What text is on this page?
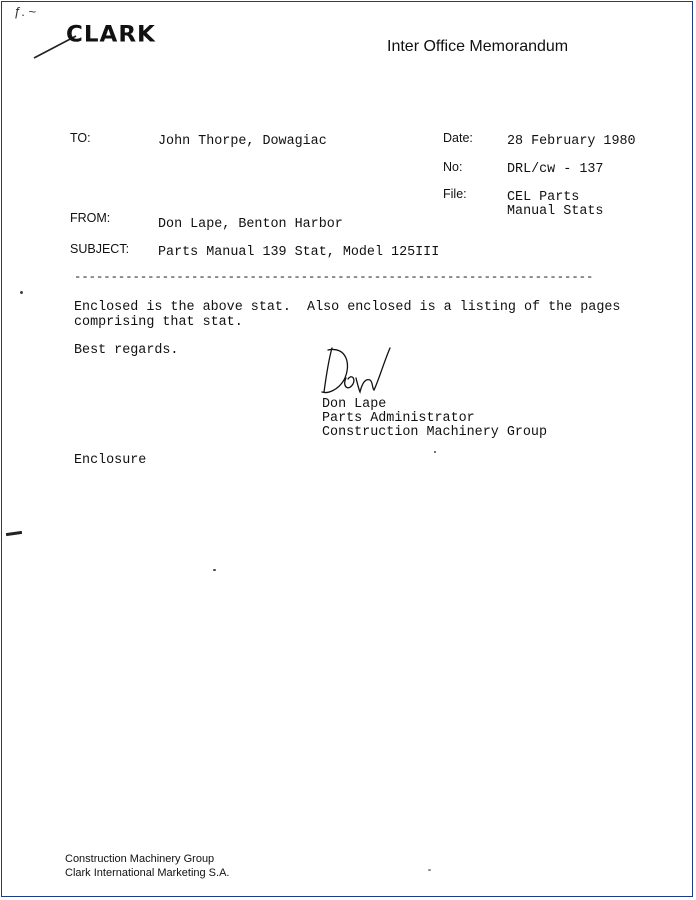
ƒ. ~
CLARK	Inter Office Memorandum
TO:	John Thorpe, Dowagiac
FROM:	Don Lape, Benton Harbor
SUBJECT: Parts Manual 139 Stat, Model 125III
Date:	28 February 1980
No:	DRL/cw - 137
File:	CEL Parts
Manual Stats
-----------------------------------------------------------------------
Enclosed is the above stat.  Also enclosed is a listing of the pages
comprising that stat.
Best regards.
Don Lape
Parts Administrator
Construction Machinery Group
Enclosure
Construction Machinery Group
Clark International Marketing S.A.
